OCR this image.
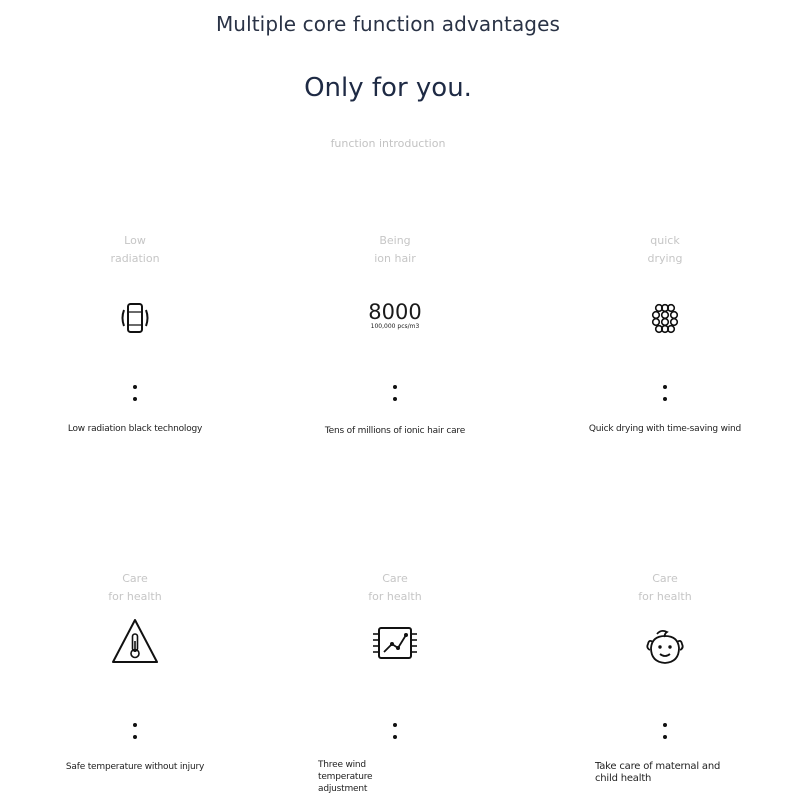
Multiple core function advantages
Only for you.
function introduction
Low
radiation
Low radiation black technology
Being
ion hair
8000
100,000 pcs/m3
Tens of millions of ionic hair care
quick
drying
Quick drying with time-saving wind
Care
for health
Safe temperature without injury
Care
for health
Three wind temperature adjustment
Care
for health
Take care of maternal and child health
